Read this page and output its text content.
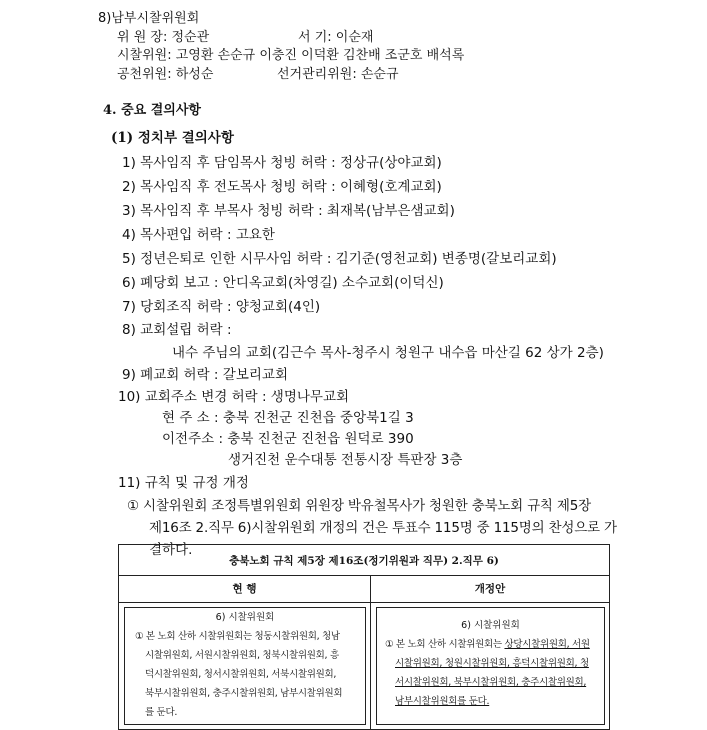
8)남부시찰위원회
위 원 장: 정순관	서 기: 이순재
시찰위원: 고영환 손순규 이충진 이덕환 김찬배 조군호 배석록
공천위원: 하성순	선거관리위원: 손순규
4. 중요 결의사항
(1) 정치부 결의사항
1) 목사임직 후 담임목사 청빙 허락 : 정상규(상야교회)
2) 목사임직 후 전도목사 청빙 허락 : 이혜형(호계교회)
3) 목사임직 후 부목사 청빙 허락 : 최재복(남부은샘교회)
4) 목사편입 허락 : 고요한
5) 정년은퇴로 인한 시무사임 허락 : 김기준(영천교회) 변종명(갈보리교회)
6) 폐당회 보고 : 안디옥교회(차영길) 소수교회(이덕신)
7) 당회조직 허락 : 양청교회(4인)
8) 교회설립 허락 :
내수 주님의 교회(김근수 목사-청주시 청원구 내수읍 마산길 62 상가 2층)
9) 폐교회 허락 : 갈보리교회
10) 교회주소 변경 허락 : 생명나무교회
현 주 소 : 충북 진천군 진천읍 중앙북1길 3
이전주소 : 충북 진천군 진천읍 원덕로 390
생거진천 운수대통 전통시장 특판장 3층
11) 규칙 및 규정 개정
① 시찰위원회 조정특별위원회 위원장 박유철목사가 청원한 충북노회 규칙 제5장
제16조 2.직무 6)시찰위원회 개정의 건은 투표수 115명 중 115명의 찬성으로 가
결하다.
충북노회 규칙 제5장 제16조(정기위원과 직무) 2.직무 6)
현 행	개정안
6) 시찰위원회
① 본 노회 산하 시찰위원회는 청동시찰위원회, 청남
시찰위원회, 서원시찰위원회, 청북시찰위원회, 흥
덕시찰위원회, 청서시찰위원회, 서북시찰위원회,
북부시찰위원회, 충주시찰위원회, 남부시찰위원회
를 둔다.
6) 시찰위원회
① 본 노회 산하 시찰위원회는 상당시찰위원회, 서원
시찰위원회, 청원시찰위원회, 흥덕시찰위원회, 청
서시찰위원회, 북부시찰위원회, 충주시찰위원회,
남부시찰위원회를 둔다.
